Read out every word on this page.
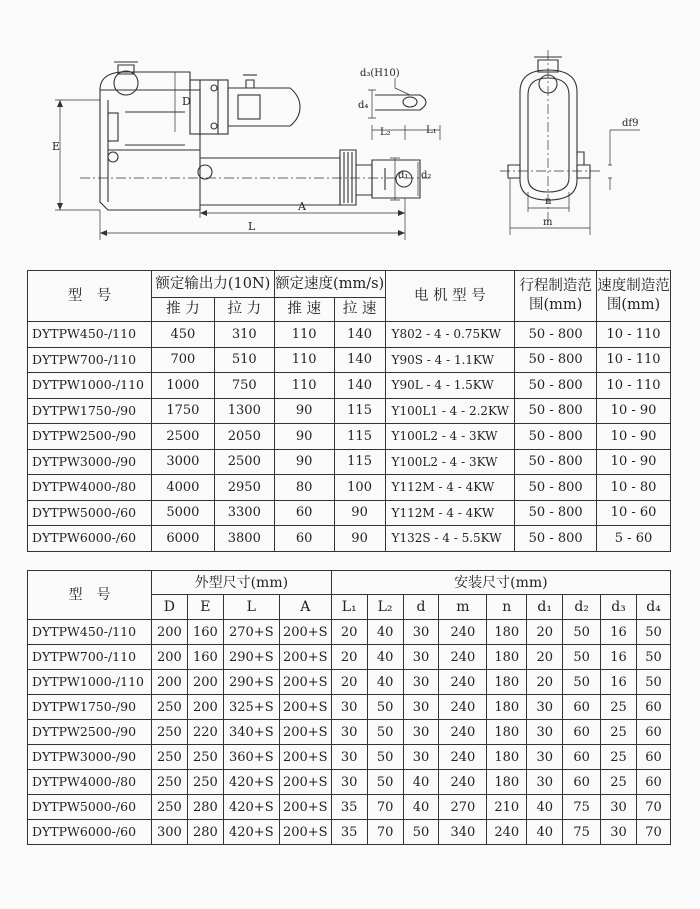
D
E
L
A
d₃(H10)
d₄
L₂	L₁
d₁ d₂
n
m
df9
型　号	额定输出力(10N)		额定速度(mm/s)		电 机 型 号	行程制造范围(mm)	速度制造范围(mm)
	推 力	拉 力	推 速	拉 速			
DYTPW450-/110	450	310	110	140	Y802 - 4 - 0.75KW	50 - 800	10 - 110
DYTPW700-/110	700	510	110	140	Y90S - 4 - 1.1KW	50 - 800	10 - 110
DYTPW1000-/110	1000	750	110	140	Y90L - 4 - 1.5KW	50 - 800	10 - 110
DYTPW1750-/90	1750	1300	90	115	Y100L1 - 4 - 2.2KW	50 - 800	10 - 90
DYTPW2500-/90	2500	2050	90	115	Y100L2 - 4 - 3KW	50 - 800	10 - 90
DYTPW3000-/90	3000	2500	90	115	Y100L2 - 4 - 3KW	50 - 800	10 - 90
DYTPW4000-/80	4000	2950	80	100	Y112M - 4 - 4KW	50 - 800	10 - 80
DYTPW5000-/60	5000	3300	60	90	Y112M - 4 - 4KW	50 - 800	10 - 60
DYTPW6000-/60	6000	3800	60	90	Y132S - 4 - 5.5KW	50 - 800	5 - 60
型　号	外型尺寸(mm)				安装尺寸(mm)								
	D	E	L	A	L₁	L₂	d	m	n	d₁	d₂	d₃	d₄
DYTPW450-/110	200	160	270+S	200+S	20	40	30	240	180	20	50	16	50
DYTPW700-/110	200	160	290+S	200+S	20	40	30	240	180	20	50	16	50
DYTPW1000-/110	200	200	290+S	200+S	20	40	30	240	180	20	50	16	50
DYTPW1750-/90	250	200	325+S	200+S	30	50	30	240	180	30	60	25	60
DYTPW2500-/90	250	220	340+S	200+S	30	50	30	240	180	30	60	25	60
DYTPW3000-/90	250	250	360+S	200+S	30	50	30	240	180	30	60	25	60
DYTPW4000-/80	250	250	420+S	200+S	30	50	40	240	180	30	60	25	60
DYTPW5000-/60	250	280	420+S	200+S	35	70	40	270	210	40	75	30	70
DYTPW6000-/60	300	280	420+S	200+S	35	70	50	340	240	40	75	30	70
